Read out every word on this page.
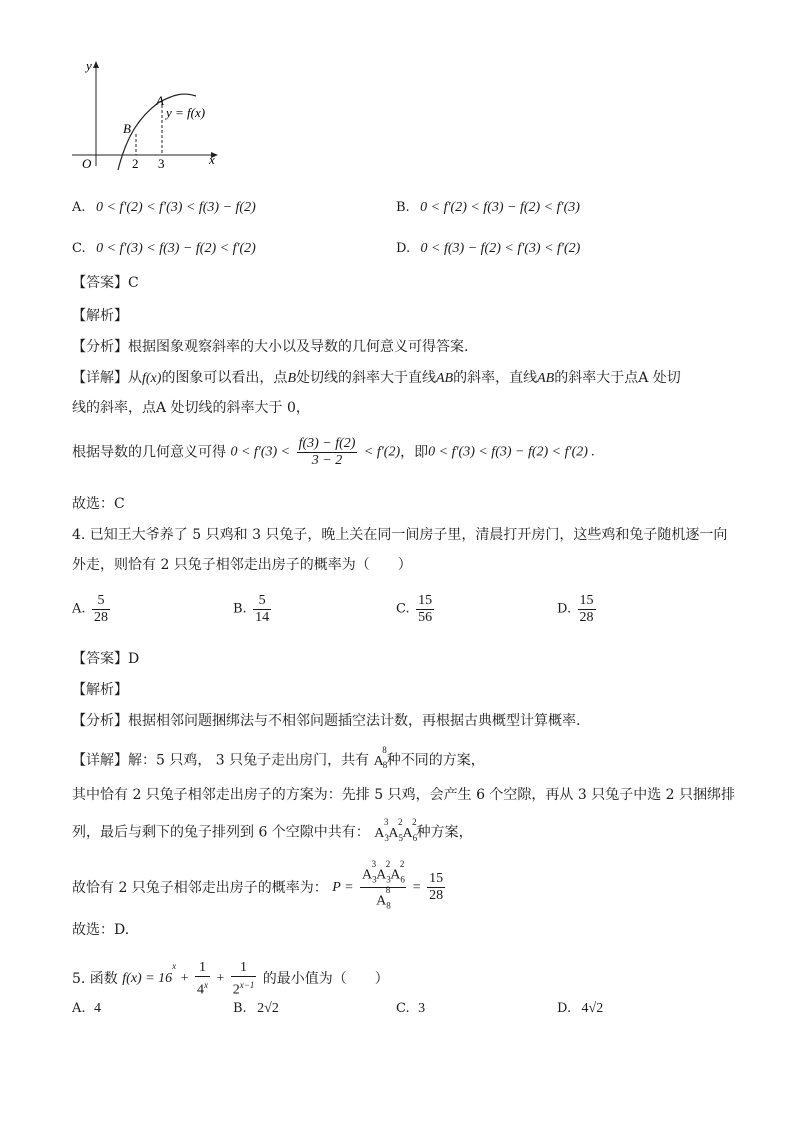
y
x
O
A
B
2 3
y = f(x)
A. 0 < f′(2) < f′(3) < f(3) − f(2)	B. 0 < f′(2) < f(3) − f(2) < f′(3)
C. 0 < f′(3) < f(3) − f(2) < f′(2)	D. 0 < f(3) − f(2) < f′(3) < f′(2)
【答案】C
【解析】
【分析】根据图象观察斜率的大小以及导数的几何意义可得答案.
【详解】从f(x)的图象可以看出，点B处切线的斜率大于直线AB的斜率，直线AB的斜率大于点A 处切
线的斜率，点A 处切线的斜率大于 0，
根据导数的几何意义可得 $0 < f'(3) < \frac{f(3) - f(2)}{3 - 2} < f'(2)$，即0 < f′(3) < f(3) − f(2) < f′(2) .
故选：C
4. 已知王大爷养了 5 只鸡和 3 只兔子，晚上关在同一间房子里，清晨打开房门，这些鸡和兔子随机逐一向
外走，则恰有 2 只兔子相邻走出房子的概率为（　　）
A. $\frac{5}{28}$	B. $\frac{5}{14}$	C. $\frac{15}{56}$	D. $\frac{15}{28}$
【答案】D
【解析】
【分析】根据相邻问题捆绑法与不相邻问题插空法计数，再根据古典概型计算概率.
【详解】解：5 只鸡， 3 只兔子走出房门，共有 $A_8^8$种不同的方案，
其中恰有 2 只兔子相邻走出房子的方案为：先排 5 只鸡，会产生 6 个空隙，再从 3 只兔子中选 2 只捆绑排
列，最后与剩下的兔子排列到 6 个空隙中共有： $A_3^3A_5^2A_6^2$种方案，
故恰有 2 只兔子相邻走出房子的概率为： $P = \frac{A_3^3A_3^2A_6^2}{A_8^8} = \frac{15}{28}$
故选：D.
5. 函数 $f(x) = 16^x + \frac{1}{4^x} + \frac{1}{2^{x-1}}$ 的最小值为（　　）
A. 4	B. 2√2	C. 3	D. 4√2
